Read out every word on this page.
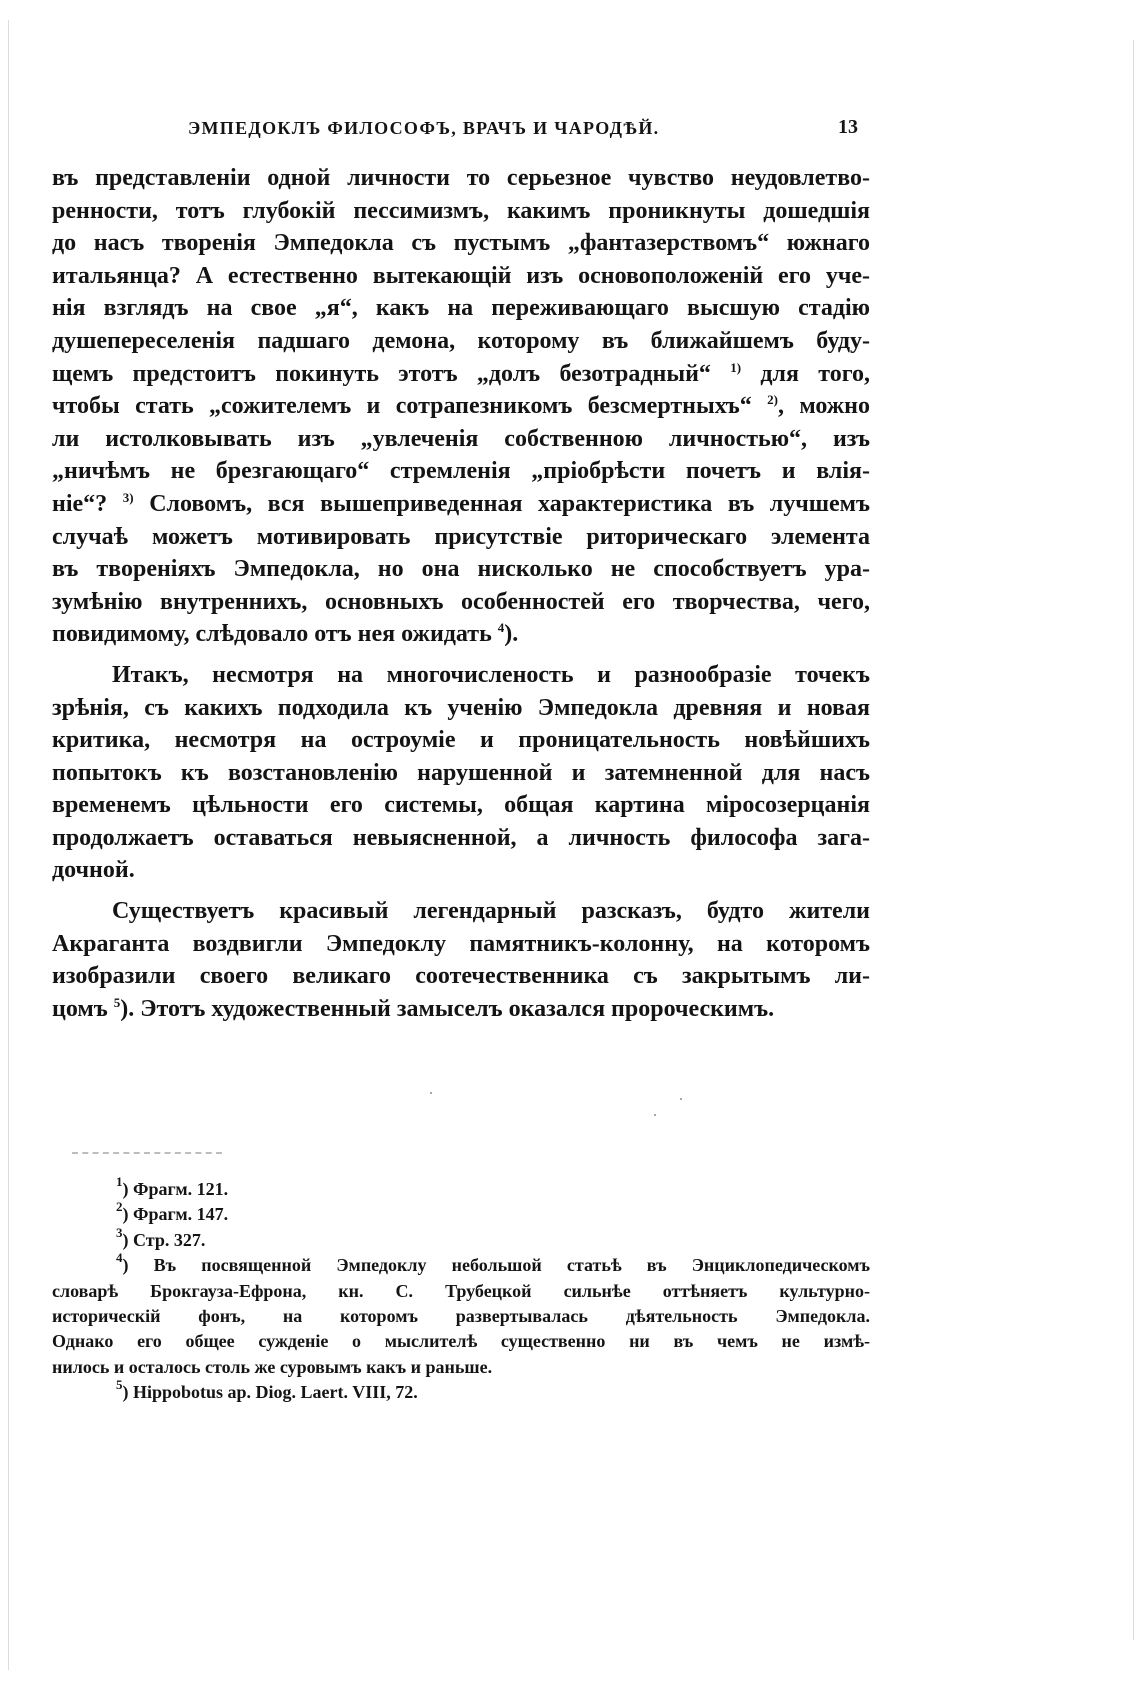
ЭМПЕДОКЛЪ ФИЛОСОФЪ, ВРАЧЪ И ЧАРОДѢЙ.	13
въ представленіи одной личности то серьезное чувство неудовлетво-
ренности, тотъ глубокій пессимизмъ, какимъ проникнуты дошедшія
до насъ творенія Эмпедокла съ пустымъ „фантазерствомъ“ южнаго
итальянца? А естественно вытекающій изъ основоположеній его уче-
нія взглядъ на свое „я“, какъ на переживающаго высшую стадію
душепереселенія падшаго демона, которому въ ближайшемъ буду-
щемъ предстоитъ покинуть этотъ „долъ безотрадный“ $^{1)}$ для того,
чтобы стать „сожителемъ и сотрапезникомъ безсмертныхъ“ $^{2)}$, можно
ли истолковывать изъ „увлеченія собственною личностью“, изъ
„ничѣмъ не брезгающаго“ стремленія „пріобрѣсти почетъ и влія-
ніе“? $^{3)}$ Словомъ, вся вышеприведенная характеристика въ лучшемъ
случаѣ можетъ мотивировать присутствіе риторическаго элемента
въ твореніяхъ Эмпедокла, но она нисколько не способствуетъ ура-
зумѣнію внутреннихъ, основныхъ особенностей его творчества, чего,
повидимому, слѣдовало отъ нея ожидать $^4$).
Итакъ, несмотря на многочисленость и разнообразіе точекъ
зрѣнія, съ какихъ подходила къ ученію Эмпедокла древняя и новая
критика, несмотря на остроуміе и проницательность новѣйшихъ
попытокъ къ возстановленію нарушенной и затемненной для насъ
временемъ цѣльности его системы, общая картина міросозерцанія
продолжаетъ оставаться невыясненной, а личность философа зага-
дочной.
Существуетъ красивый легендарный разсказъ, будто жители
Акраганта воздвигли Эмпедоклу памятникъ-колонну, на которомъ
изобразили своего великаго соотечественника съ закрытымъ ли-
цомъ $^5$). Этотъ художественный замыселъ оказался пророческимъ.
$^1$) Фрагм. 121.
$^2$) Фрагм. 147.
$^3$) Стр. 327.
$^4$) Въ посвященной Эмпедоклу небольшой статьѣ въ Энциклопедическомъ
словарѣ Брокгауза-Ефрона, кн. С. Трубецкой сильнѣе оттѣняетъ культурно-
историческій фонъ, на которомъ развертывалась дѣятельность Эмпедокла.
Однако его общее сужденіе о мыслителѣ существенно ни въ чемъ не измѣ-
нилось и осталось столь же суровымъ какъ и раньше.
$^5$) Hippobotus ap. Diog. Laert. VIII, 72.
